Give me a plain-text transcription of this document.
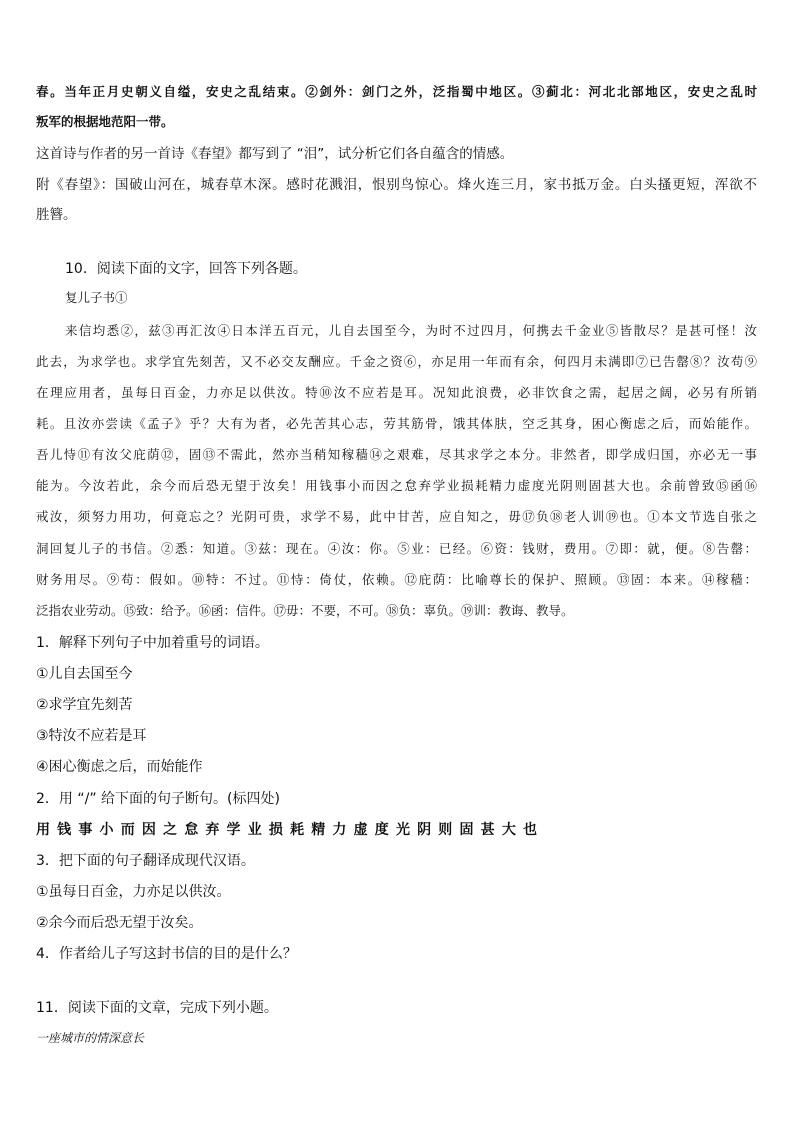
春。当年正月史朝义自缢，安史之乱结束。②剑外：剑门之外，泛指蜀中地区。③蓟北：河北北部地区，安史之乱时
叛军的根据地范阳一带。
这首诗与作者的另一首诗《春望》都写到了 “泪”，试分析它们各自蕴含的情感。
附《春望》：国破山河在，城春草木深。感时花溅泪，恨别鸟惊心。烽火连三月，家书抵万金。白头搔更短，浑欲不
胜簪。
10．阅读下面的文字，回答下列各题。
复儿子书①
来信均悉②，兹③再汇汝④日本洋五百元，儿自去国至今，为时不过四月，何携去千金业⑤皆散尽？是甚可怪！汝
此去，为求学也。求学宜先刻苦，又不必交友酬应。千金之资⑥，亦足用一年而有余，何四月未满即⑦已告罄⑧？汝苟⑨
在理应用者，虽每日百金，力亦足以供汝。特⑩汝不应若是耳。况知此浪费，必非饮食之需，起居之阔，必另有所销
耗。且汝亦尝读《孟子》乎？大有为者，必先苦其心志，劳其筋骨，饿其体肤，空乏其身，困心衡虑之后，而始能作。
吾儿恃⑪有汝父庇荫⑫，固⑬不需此，然亦当稍知稼穑⑭之艰难，尽其求学之本分。非然者，即学成归国，亦必无一事
能为。今汝若此，余今而后恐无望于汝矣！用钱事小而因之怠弃学业损耗精力虚度光阴则固甚大也。余前曾致⑮函⑯
戒汝，须努力用功，何竟忘之？光阴可贵，求学不易，此中甘苦，应自知之，毋⑰负⑱老人训⑲也。①本文节选自张之
洞回复儿子的书信。②悉：知道。③兹：现在。④汝：你。⑤业：已经。⑥资：钱财，费用。⑦即：就，便。⑧告罄：
财务用尽。⑨苟：假如。⑩特：不过。⑪恃：倚仗，依赖。⑫庇荫：比喻尊长的保护、照顾。⑬固：本来。⑭稼穑：
泛指农业劳动。⑮致：给予。⑯函：信件。⑰毋：不要，不可。⑱负：辜负。⑲训：教诲、教导。
1．解释下列句子中加着重号的词语。
①儿自去国至今
②求学宜先刻苦
③特汝不应若是耳
④困心衡虑之后，而始能作
2．用 “/” 给下面的句子断句。(标四处)
用 钱 事 小 而 因 之 怠 弃 学 业 损 耗 精 力 虚 度 光 阴 则 固 甚 大 也
3．把下面的句子翻译成现代汉语。
①虽每日百金，力亦足以供汝。
②余今而后恐无望于汝矣。
4．作者给儿子写这封书信的目的是什么？
11．阅读下面的文章，完成下列小题。
一座城市的情深意长
